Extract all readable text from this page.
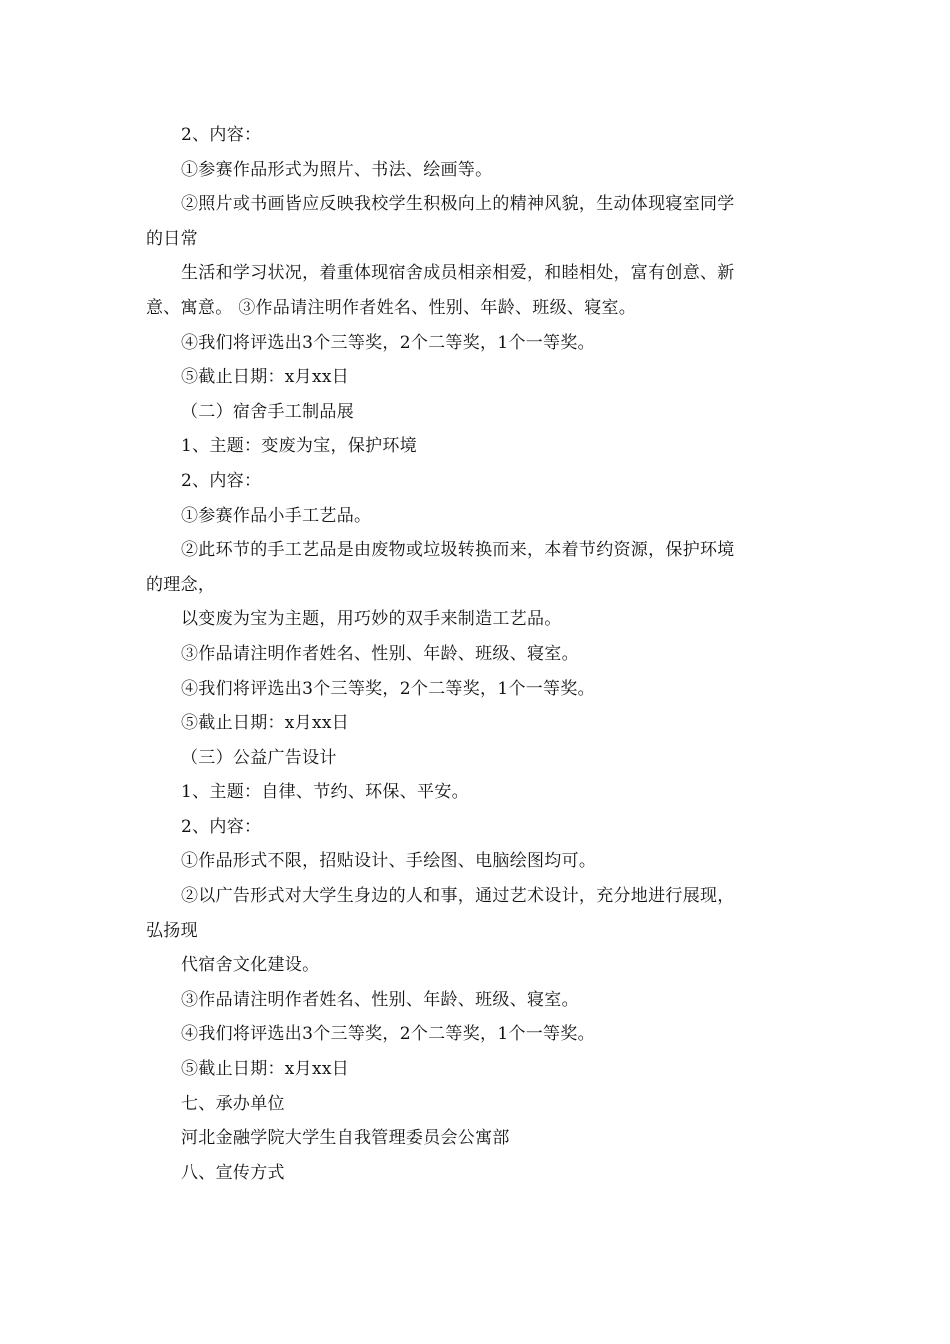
2、内容：
①参赛作品形式为照片、书法、绘画等。
②照片或书画皆应反映我校学生积极向上的精神风貌，生动体现寝室同学
的日常
生活和学习状况，着重体现宿舍成员相亲相爱，和睦相处，富有创意、新
意、寓意。 ③作品请注明作者姓名、性别、年龄、班级、寝室。
④我们将评选出3个三等奖，2个二等奖，1个一等奖。
⑤截止日期：x月xx日
（二）宿舍手工制品展
1、主题：变废为宝，保护环境
2、内容：
①参赛作品小手工艺品。
②此环节的手工艺品是由废物或垃圾转换而来，本着节约资源，保护环境
的理念，
以变废为宝为主题，用巧妙的双手来制造工艺品。
③作品请注明作者姓名、性别、年龄、班级、寝室。
④我们将评选出3个三等奖，2个二等奖，1个一等奖。
⑤截止日期：x月xx日
（三）公益广告设计
1、主题：自律、节约、环保、平安。
2、内容：
①作品形式不限，招贴设计、手绘图、电脑绘图均可。
②以广告形式对大学生身边的人和事，通过艺术设计，充分地进行展现，
弘扬现
代宿舍文化建设。
③作品请注明作者姓名、性别、年龄、班级、寝室。
④我们将评选出3个三等奖，2个二等奖，1个一等奖。
⑤截止日期：x月xx日
七、承办单位
河北金融学院大学生自我管理委员会公寓部
八、宣传方式
